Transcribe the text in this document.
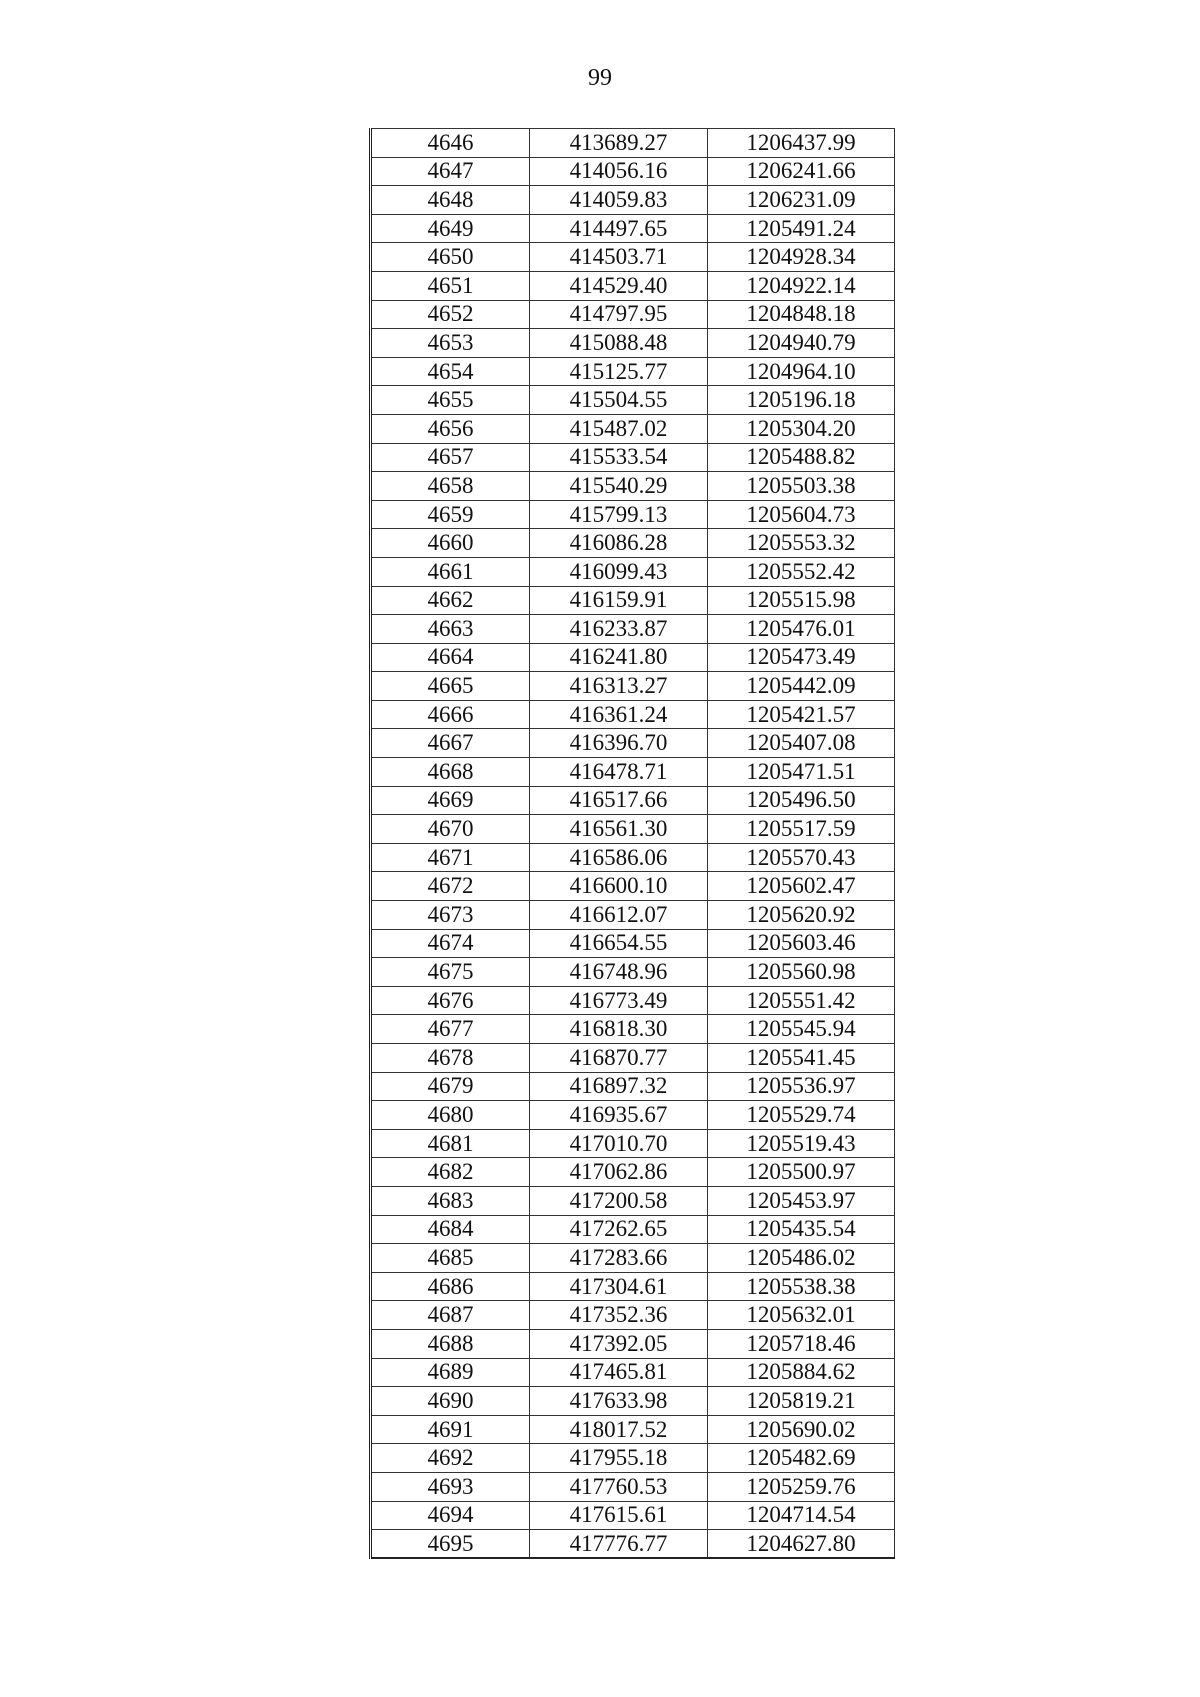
99
4646	413689.27	1206437.99
4647	414056.16	1206241.66
4648	414059.83	1206231.09
4649	414497.65	1205491.24
4650	414503.71	1204928.34
4651	414529.40	1204922.14
4652	414797.95	1204848.18
4653	415088.48	1204940.79
4654	415125.77	1204964.10
4655	415504.55	1205196.18
4656	415487.02	1205304.20
4657	415533.54	1205488.82
4658	415540.29	1205503.38
4659	415799.13	1205604.73
4660	416086.28	1205553.32
4661	416099.43	1205552.42
4662	416159.91	1205515.98
4663	416233.87	1205476.01
4664	416241.80	1205473.49
4665	416313.27	1205442.09
4666	416361.24	1205421.57
4667	416396.70	1205407.08
4668	416478.71	1205471.51
4669	416517.66	1205496.50
4670	416561.30	1205517.59
4671	416586.06	1205570.43
4672	416600.10	1205602.47
4673	416612.07	1205620.92
4674	416654.55	1205603.46
4675	416748.96	1205560.98
4676	416773.49	1205551.42
4677	416818.30	1205545.94
4678	416870.77	1205541.45
4679	416897.32	1205536.97
4680	416935.67	1205529.74
4681	417010.70	1205519.43
4682	417062.86	1205500.97
4683	417200.58	1205453.97
4684	417262.65	1205435.54
4685	417283.66	1205486.02
4686	417304.61	1205538.38
4687	417352.36	1205632.01
4688	417392.05	1205718.46
4689	417465.81	1205884.62
4690	417633.98	1205819.21
4691	418017.52	1205690.02
4692	417955.18	1205482.69
4693	417760.53	1205259.76
4694	417615.61	1204714.54
4695	417776.77	1204627.80
